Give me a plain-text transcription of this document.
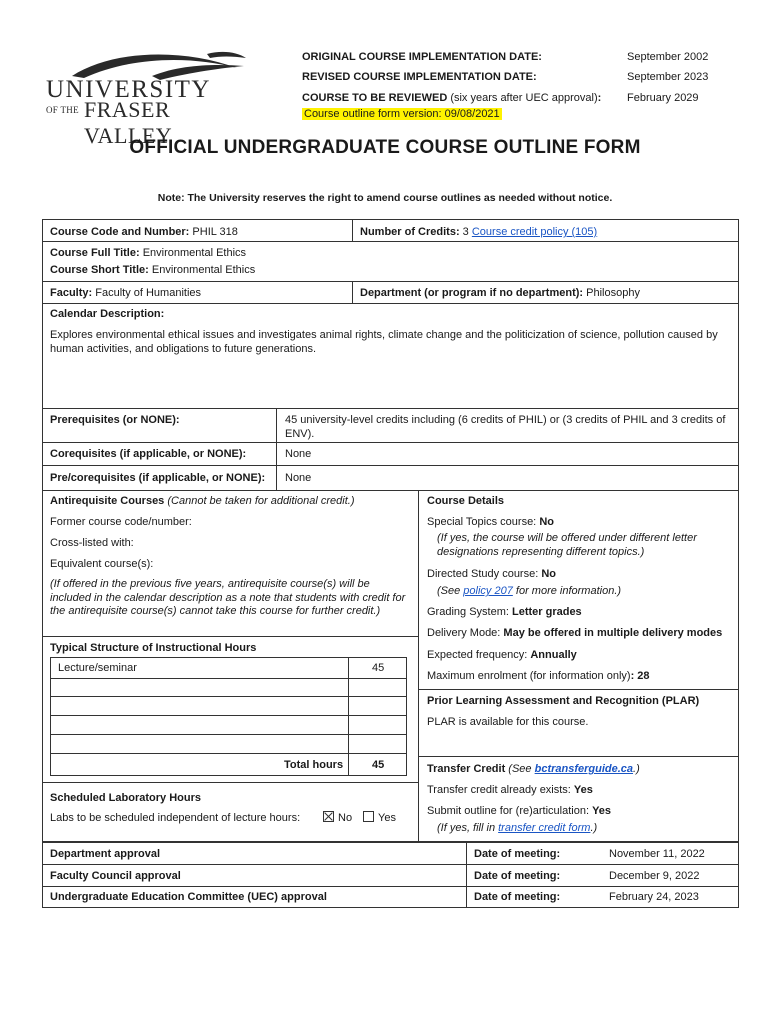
UNIVERSITY
OF THE FRASER VALLEY
ORIGINAL COURSE IMPLEMENTATION DATE:	September 2002
REVISED COURSE IMPLEMENTATION DATE:	September 2023
COURSE TO BE REVIEWED (six years after UEC approval): February 2029
Course outline form version: 09/08/2021
OFFICIAL UNDERGRADUATE COURSE OUTLINE FORM
Note: The University reserves the right to amend course outlines as needed without notice.
Course Code and Number: PHIL 318	Number of Credits: 3 Course credit policy (105)
Course Full Title: Environmental Ethics
Course Short Title: Environmental Ethics
Faculty: Faculty of Humanities	Department (or program if no department): Philosophy
Calendar Description:
Explores environmental ethical issues and investigates animal rights, climate change and the politicization of science, pollution caused by human activities, and obligations to future generations.
Prerequisites (or NONE):	45 university-level credits including (6 credits of PHIL) or (3 credits of PHIL and 3 credits of ENV).
Corequisites (if applicable, or NONE):	None
Pre/corequisites (if applicable, or NONE): None
Antirequisite Courses (Cannot be taken for additional credit.)
Former course code/number:
Cross-listed with:
Equivalent course(s):
(If offered in the previous five years, antirequisite course(s) will be included in the calendar description as a note that students with credit for the antirequisite course(s) cannot take this course for further credit.)
Typical Structure of Instructional Hours
Lecture/seminar	45
Total hours	45
Scheduled Laboratory Hours
Labs to be scheduled independent of lecture hours:	No	Yes
Course Details
Special Topics course: No
(If yes, the course will be offered under different letter designations representing different topics.)
Directed Study course: No
(See policy 207 for more information.)
Grading System: Letter grades
Delivery Mode: May be offered in multiple delivery modes
Expected frequency: Annually
Maximum enrolment (for information only): 28
Prior Learning Assessment and Recognition (PLAR)
PLAR is available for this course.
Transfer Credit (See bctransferguide.ca.)
Transfer credit already exists: Yes
Submit outline for (re)articulation: Yes
(If yes, fill in transfer credit form.)
Department approval	Date of meeting:	November 11, 2022
Faculty Council approval	Date of meeting:	December 9, 2022
Undergraduate Education Committee (UEC) approval	Date of meeting:	February 24, 2023
